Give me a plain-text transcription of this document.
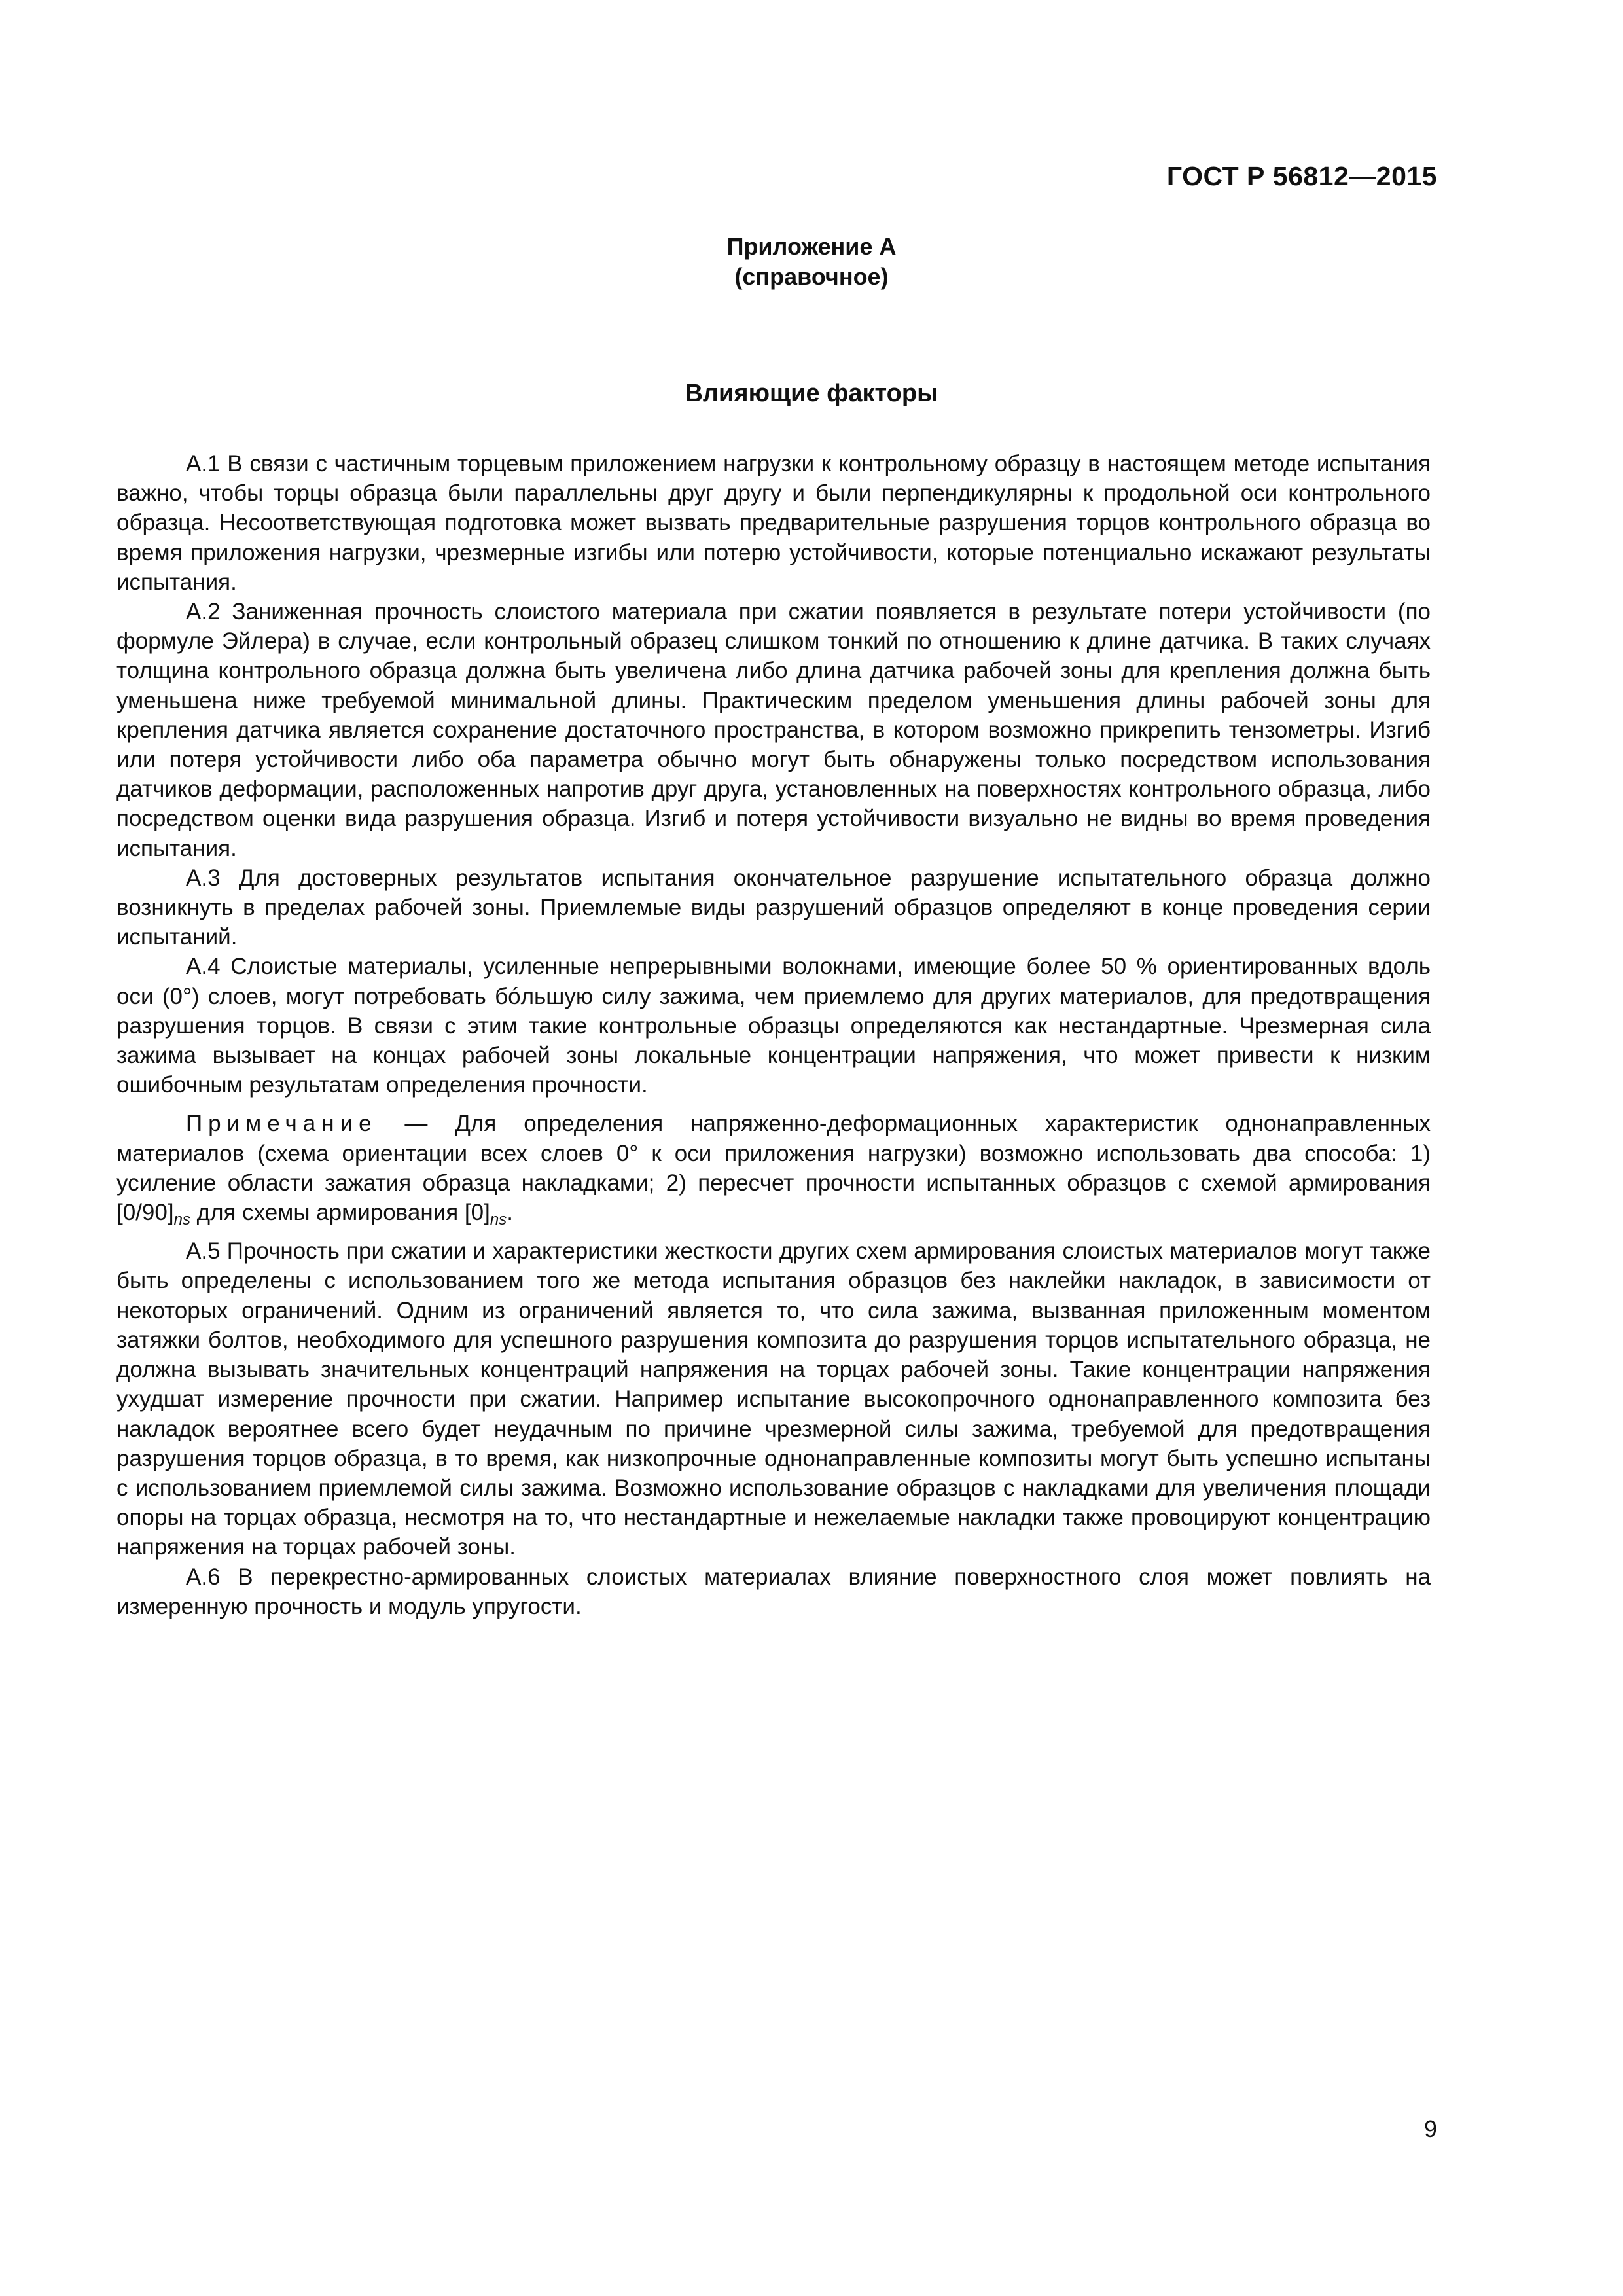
ГОСТ Р 56812—2015
Приложение А
(справочное)
Влияющие факторы

А.1 В связи с частичным торцевым приложением нагрузки к контрольному образцу в настоящем методе испытания важно, чтобы торцы образца были параллельны друг другу и были перпендикулярны к продольной оси контрольного образца. Несоответствующая подготовка может вызвать предварительные разрушения торцов контрольного образца во время приложения нагрузки, чрезмерные изгибы или потерю устойчивости, которые потенциально искажают результаты испытания.

А.2 Заниженная прочность слоистого материала при сжатии появляется в результате потери устойчивости (по формуле Эйлера) в случае, если контрольный образец слишком тонкий по отношению к длине датчика. В таких случаях толщина контрольного образца должна быть увеличена либо длина датчика рабочей зоны для крепления должна быть уменьшена ниже требуемой минимальной длины. Практическим пределом уменьшения длины рабочей зоны для крепления датчика является сохранение достаточного пространства, в котором возможно прикрепить тензометры. Изгиб или потеря устойчивости либо оба параметра обычно могут быть обнаружены только посредством использования датчиков деформации, расположенных напротив друг друга, установленных на поверхностях контрольного образца, либо посредством оценки вида разрушения образца. Изгиб и потеря устойчивости визуально не видны во время проведения испытания.

А.3 Для достоверных результатов испытания окончательное разрушение испытательного образца должно возникнуть в пределах рабочей зоны. Приемлемые виды разрушений образцов определяют в конце проведения серии испытаний.

А.4 Слоистые материалы, усиленные непрерывными волокнами, имеющие более 50 % ориентированных вдоль оси (0°) слоев, могут потребовать бóльшую силу зажима, чем приемлемо для других материалов, для предотвращения разрушения торцов. В связи с этим такие контрольные образцы определяются как нестандартные. Чрезмерная сила зажима вызывает на концах рабочей зоны локальные концентрации напряжения, что может привести к низким ошибочным результатам определения прочности.

Примечание — Для определения напряженно-деформационных характеристик однонаправленных материалов (схема ориентации всех слоев 0° к оси приложения нагрузки) возможно использовать два способа: 1) усиление области зажатия образца накладками; 2) пересчет прочности испытанных образцов с схемой армирования $[0/90]_{ns}$ для схемы армирования $[0]_{ns}$.

А.5 Прочность при сжатии и характеристики жесткости других схем армирования слоистых материалов могут также быть определены с использованием того же метода испытания образцов без наклейки накладок, в зависимости от некоторых ограничений. Одним из ограничений является то, что сила зажима, вызванная приложенным моментом затяжки болтов, необходимого для успешного разрушения композита до разрушения торцов испытательного образца, не должна вызывать значительных концентраций напряжения на торцах рабочей зоны. Такие концентрации напряжения ухудшат измерение прочности при сжатии. Например испытание высокопрочного однонаправленного композита без накладок вероятнее всего будет неудачным по причине чрезмерной силы зажима, требуемой для предотвращения разрушения торцов образца, в то время, как низкопрочные однонаправленные композиты могут быть успешно испытаны с использованием приемлемой силы зажима. Возможно использование образцов с накладками для увеличения площади опоры на торцах образца, несмотря на то, что нестандартные и нежелаемые накладки также провоцируют концентрацию напряжения на торцах рабочей зоны.

А.6 В перекрестно-армированных слоистых материалах влияние поверхностного слоя может повлиять на измеренную прочность и модуль упругости.

9
